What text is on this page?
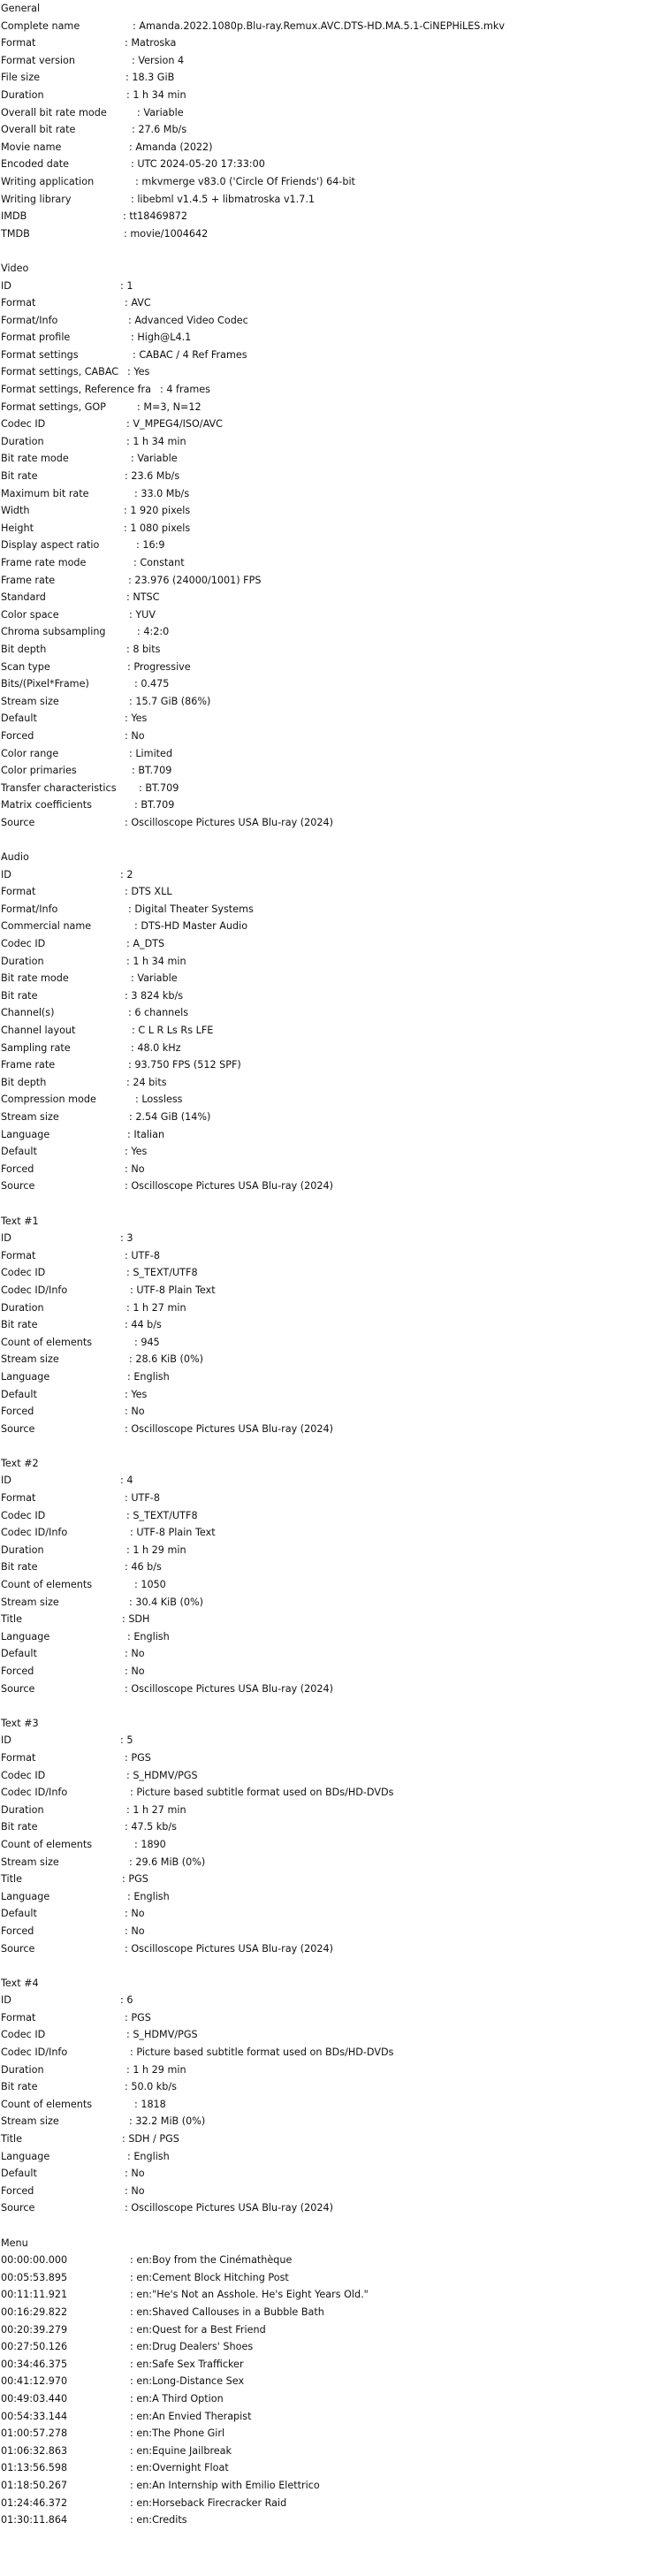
General
Complete name	: Amanda.2022.1080p.Blu-ray.Remux.AVC.DTS-HD.MA.5.1-CiNEPHiLES.mkv
Format	: Matroska
Format version	: Version 4
File size	: 18.3 GiB
Duration	: 1 h 34 min
Overall bit rate mode	: Variable
Overall bit rate	: 27.6 Mb/s
Movie name	: Amanda (2022)
Encoded date	: UTC 2024-05-20 17:33:00
Writing application	: mkvmerge v83.0 ('Circle Of Friends') 64-bit
Writing library	: libebml v1.4.5 + libmatroska v1.7.1
IMDB	: tt18469872
TMDB	: movie/1004642
Video
ID	: 1
Format	: AVC
Format/Info	: Advanced Video Codec
Format profile	: High@L4.1
Format settings	: CABAC / 4 Ref Frames
Format settings, CABAC : Yes
Format settings, Reference fra : 4 frames
Format settings, GOP	: M=3, N=12
Codec ID	: V_MPEG4/ISO/AVC
Duration	: 1 h 34 min
Bit rate mode	: Variable
Bit rate	: 23.6 Mb/s
Maximum bit rate	: 33.0 Mb/s
Width	: 1 920 pixels
Height	: 1 080 pixels
Display aspect ratio	: 16:9
Frame rate mode	: Constant
Frame rate	: 23.976 (24000/1001) FPS
Standard	: NTSC
Color space	: YUV
Chroma subsampling	: 4:2:0
Bit depth	: 8 bits
Scan type	: Progressive
Bits/(Pixel*Frame)	: 0.475
Stream size	: 15.7 GiB (86%)
Default	: Yes
Forced	: No
Color range	: Limited
Color primaries	: BT.709
Transfer characteristics : BT.709
Matrix coefficients	: BT.709
Source	: Oscilloscope Pictures USA Blu-ray (2024)
Audio
ID	: 2
Format	: DTS XLL
Format/Info	: Digital Theater Systems
Commercial name	: DTS-HD Master Audio
Codec ID	: A_DTS
Duration	: 1 h 34 min
Bit rate mode	: Variable
Bit rate	: 3 824 kb/s
Channel(s)	: 6 channels
Channel layout	: C L R Ls Rs LFE
Sampling rate	: 48.0 kHz
Frame rate	: 93.750 FPS (512 SPF)
Bit depth	: 24 bits
Compression mode	: Lossless
Stream size	: 2.54 GiB (14%)
Language	: Italian
Default	: Yes
Forced	: No
Source	: Oscilloscope Pictures USA Blu-ray (2024)
Text #1
ID	: 3
Format	: UTF-8
Codec ID	: S_TEXT/UTF8
Codec ID/Info	: UTF-8 Plain Text
Duration	: 1 h 27 min
Bit rate	: 44 b/s
Count of elements	: 945
Stream size	: 28.6 KiB (0%)
Language	: English
Default	: Yes
Forced	: No
Source	: Oscilloscope Pictures USA Blu-ray (2024)
Text #2
ID	: 4
Format	: UTF-8
Codec ID	: S_TEXT/UTF8
Codec ID/Info	: UTF-8 Plain Text
Duration	: 1 h 29 min
Bit rate	: 46 b/s
Count of elements	: 1050
Stream size	: 30.4 KiB (0%)
Title	: SDH
Language	: English
Default	: No
Forced	: No
Source	: Oscilloscope Pictures USA Blu-ray (2024)
Text #3
ID	: 5
Format	: PGS
Codec ID	: S_HDMV/PGS
Codec ID/Info	: Picture based subtitle format used on BDs/HD-DVDs
Duration	: 1 h 27 min
Bit rate	: 47.5 kb/s
Count of elements	: 1890
Stream size	: 29.6 MiB (0%)
Title	: PGS
Language	: English
Default	: No
Forced	: No
Source	: Oscilloscope Pictures USA Blu-ray (2024)
Text #4
ID	: 6
Format	: PGS
Codec ID	: S_HDMV/PGS
Codec ID/Info	: Picture based subtitle format used on BDs/HD-DVDs
Duration	: 1 h 29 min
Bit rate	: 50.0 kb/s
Count of elements	: 1818
Stream size	: 32.2 MiB (0%)
Title	: SDH / PGS
Language	: English
Default	: No
Forced	: No
Source	: Oscilloscope Pictures USA Blu-ray (2024)
Menu
00:00:00.000	: en:Boy from the Cinémathèque
00:05:53.895	: en:Cement Block Hitching Post
00:11:11.921	: en:"He's Not an Asshole. He's Eight Years Old."
00:16:29.822	: en:Shaved Callouses in a Bubble Bath
00:20:39.279	: en:Quest for a Best Friend
00:27:50.126	: en:Drug Dealers' Shoes
00:34:46.375	: en:Safe Sex Trafficker
00:41:12.970	: en:Long-Distance Sex
00:49:03.440	: en:A Third Option
00:54:33.144	: en:An Envied Therapist
01:00:57.278	: en:The Phone Girl
01:06:32.863	: en:Equine Jailbreak
01:13:56.598	: en:Overnight Float
01:18:50.267	: en:An Internship with Emilio Elettrico
01:24:46.372	: en:Horseback Firecracker Raid
01:30:11.864	: en:Credits
